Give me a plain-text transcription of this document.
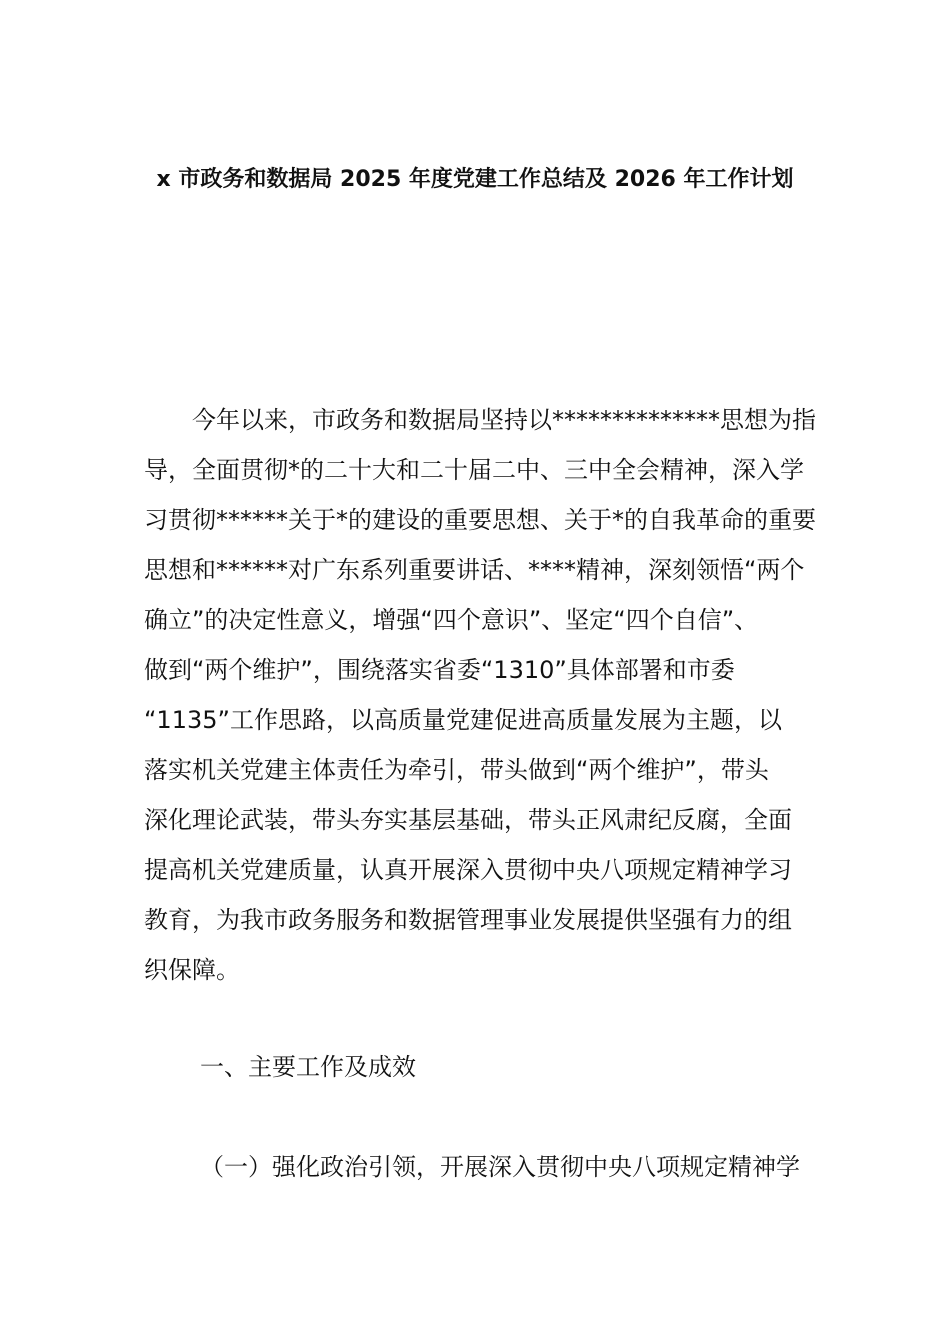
x 市政务和数据局 2025 年度党建工作总结及 2026 年工作计划
　　今年以来，市政务和数据局坚持以**************思想为指
导，全面贯彻*的二十大和二十届二中、三中全会精神，深入学
习贯彻******关于*的建设的重要思想、关于*的自我革命的重要
思想和******对广东系列重要讲话、****精神，深刻领悟“两个
确立”的决定性意义，增强“四个意识”、坚定“四个自信”、
做到“两个维护”，围绕落实省委“1310”具体部署和市委
“1135”工作思路，以高质量党建促进高质量发展为主题，以
落实机关党建主体责任为牵引，带头做到“两个维护”，带头
深化理论武装，带头夯实基层基础，带头正风肃纪反腐，全面
提高机关党建质量，认真开展深入贯彻中央八项规定精神学习
教育，为我市政务服务和数据管理事业发展提供坚强有力的组
织保障。
一、主要工作及成效
（一）强化政治引领，开展深入贯彻中央八项规定精神学
